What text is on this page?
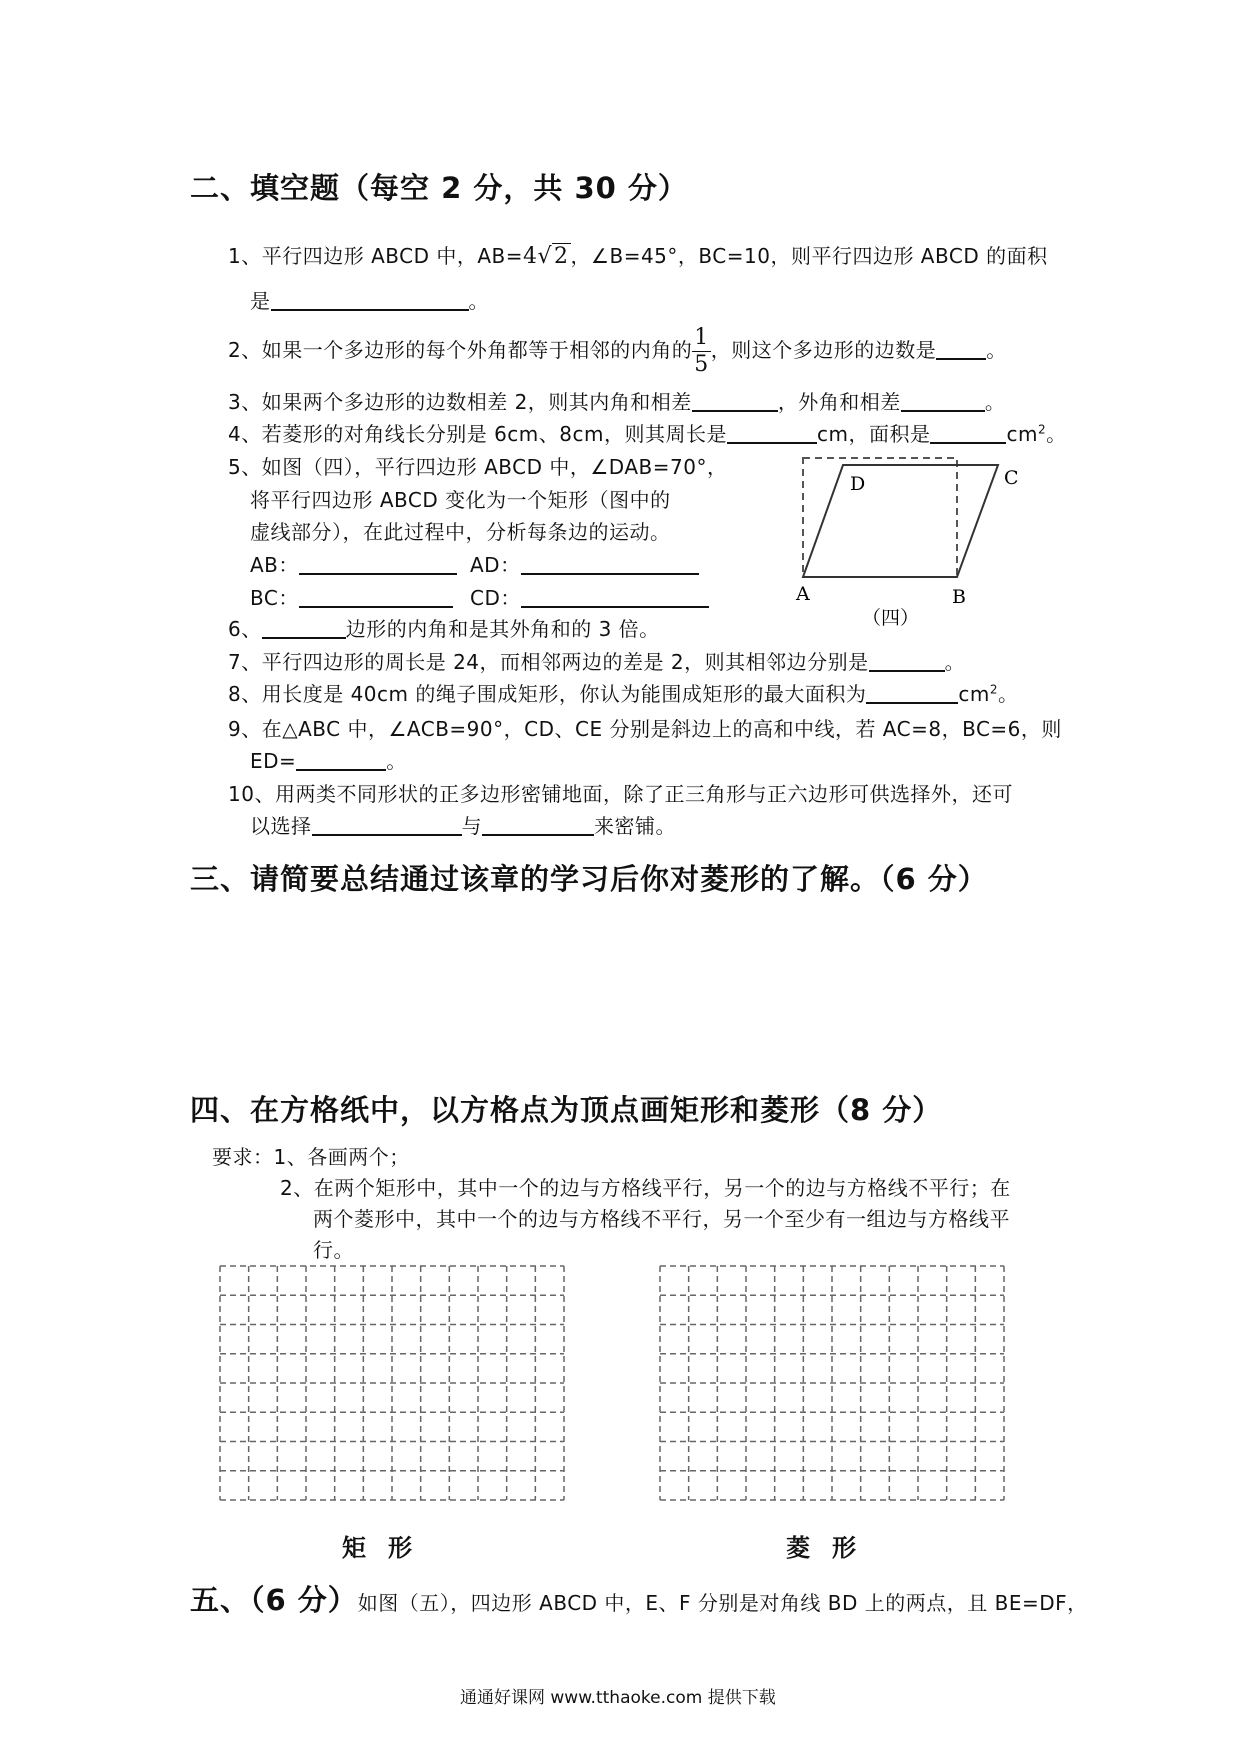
二、填空题（每空 2 分，共 30 分）
1、平行四边形 ABCD 中，AB=4√2 ，∠B=45°，BC=10，则平行四边形 ABCD 的面积
是	。
2、如果一个多边形的每个外角都等于相邻的内角的 $\frac{1}{5}$ ，则这个多边形的边数是	。
3、如果两个多边形的边数相差 2，则其内角和相差	，外角和相差	。
4、若菱形的对角线长分别是 6cm、8cm，则其周长是	cm，面积是	$cm^2$。
5、如图（四），平行四边形 ABCD 中，∠DAB=70°，
将平行四边形 ABCD 变化为一个矩形（图中的
虚线部分），在此过程中，分析每条边的运动。
AB：	AD：
BC：	CD：	A	B
C
D
（四）
6、	边形的内角和是其外角和的 3 倍。
7、平行四边形的周长是 24，而相邻两边的差是 2，则其相邻边分别是	。
8、用长度是 40cm 的绳子围成矩形，你认为能围成矩形的最大面积为	$cm^2$。
9、在△ABC 中，∠ACB=90°，CD、CE 分别是斜边上的高和中线，若 AC=8，BC=6，则
ED=	。
10、用两类不同形状的正多边形密铺地面，除了正三角形与正六边形可供选择外，还可
以选择	与	来密铺。
三、请简要总结通过该章的学习后你对菱形的了解。（6 分）
四、在方格纸中，以方格点为顶点画矩形和菱形（8 分）
要求：1、各画两个；
2、在两个矩形中，其中一个的边与方格线平行，另一个的边与方格线不平行；在
两个菱形中，其中一个的边与方格线不平行，另一个至少有一组边与方格线平
行。
矩形	菱形
五、（6 分）如图（五），四边形 ABCD 中，E、F 分别是对角线 BD 上的两点，且 BE=DF，
通通好课网 www.tthaoke.com 提供下载
